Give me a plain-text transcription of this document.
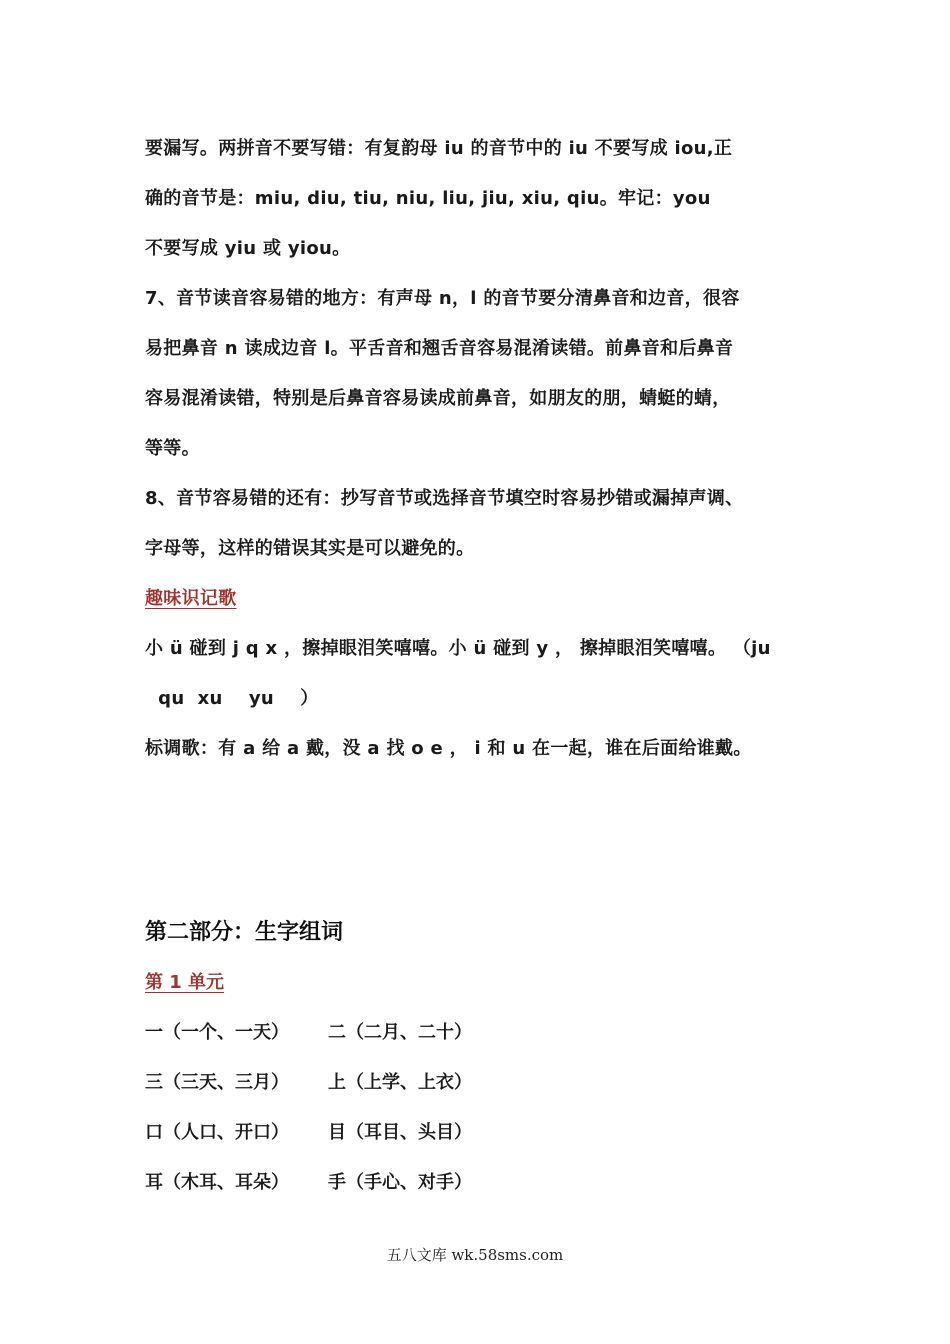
要漏写。两拼音不要写错：有复韵母 iu 的音节中的 iu 不要写成 iou,正
确的音节是：miu, diu, tiu, niu, liu, jiu, xiu, qiu。牢记：you
不要写成 yiu 或 yiou。
7、音节读音容易错的地方：有声母 n，l 的音节要分清鼻音和边音，很容
易把鼻音 n 读成边音 l。平舌音和翘舌音容易混淆读错。前鼻音和后鼻音
容易混淆读错，特别是后鼻音容易读成前鼻音，如朋友的朋，蜻蜓的蜻，
等等。
8、音节容易错的还有：抄写音节或选择音节填空时容易抄错或漏掉声调、
字母等，这样的错误其实是可以避免的。
趣味识记歌
小 ü 碰到 j q x ，擦掉眼泪笑嘻嘻。小 ü 碰到 y ， 擦掉眼泪笑嘻嘻。 （ju
qu  xu    yu    ）
标调歌：有 a 给 a 戴，没 a 找 o e ， i 和 u 在一起，谁在后面给谁戴。
第二部分：生字组词
第 1 单元
一（一个、一天）	二（二月、二十）
三（三天、三月）	上（上学、上衣）
口（人口、开口）	目（耳目、头目）
耳（木耳、耳朵）	手（手心、对手）
五八文库 wk.58sms.com
